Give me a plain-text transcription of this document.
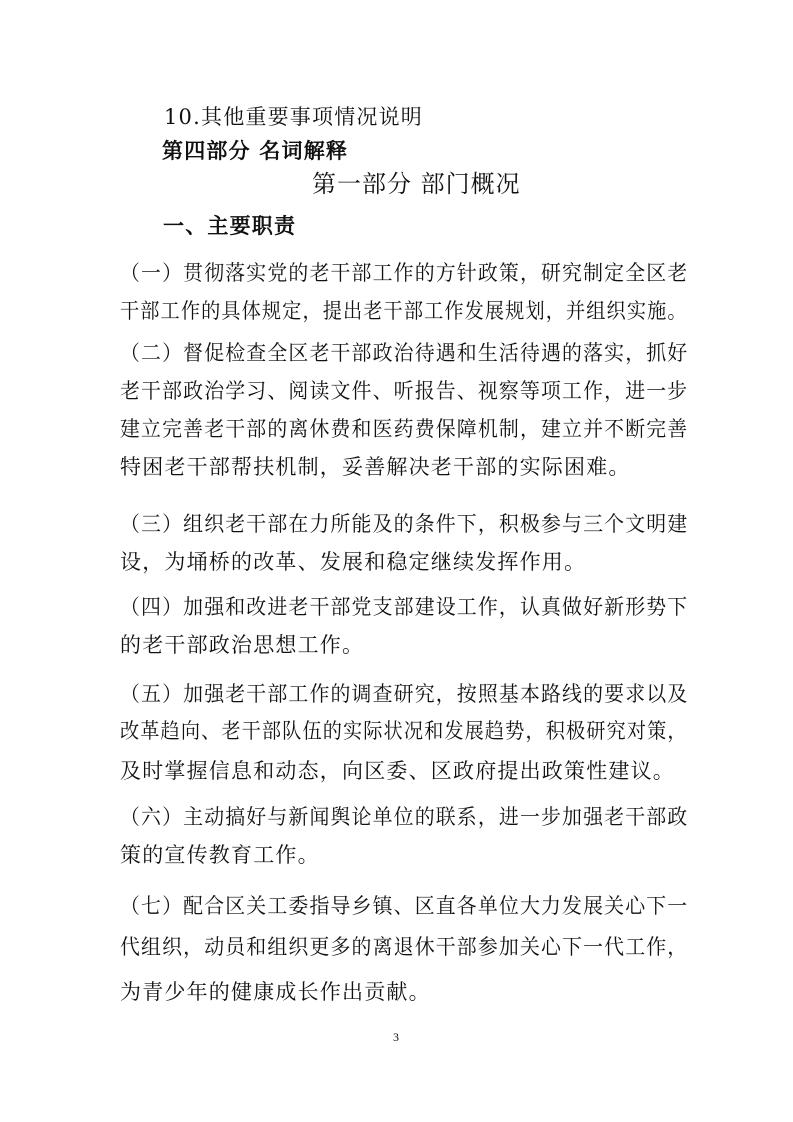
10.其他重要事项情况说明
第四部分 名词解释
第一部分 部门概况
一、主要职责
（一）贯彻落实党的老干部工作的方针政策，研究制定全区老
干部工作的具体规定，提出老干部工作发展规划，并组织实施。
（二）督促检查全区老干部政治待遇和生活待遇的落实，抓好
老干部政治学习、阅读文件、听报告、视察等项工作，进一步
建立完善老干部的离休费和医药费保障机制，建立并不断完善
特困老干部帮扶机制，妥善解决老干部的实际困难。
（三）组织老干部在力所能及的条件下，积极参与三个文明建
设，为埇桥的改革、发展和稳定继续发挥作用。
（四）加强和改进老干部党支部建设工作，认真做好新形势下
的老干部政治思想工作。
（五）加强老干部工作的调查研究，按照基本路线的要求以及
改革趋向、老干部队伍的实际状况和发展趋势，积极研究对策，
及时掌握信息和动态，向区委、区政府提出政策性建议。
（六）主动搞好与新闻舆论单位的联系，进一步加强老干部政
策的宣传教育工作。
（七）配合区关工委指导乡镇、区直各单位大力发展关心下一
代组织，动员和组织更多的离退休干部参加关心下一代工作，
为青少年的健康成长作出贡献。
3
